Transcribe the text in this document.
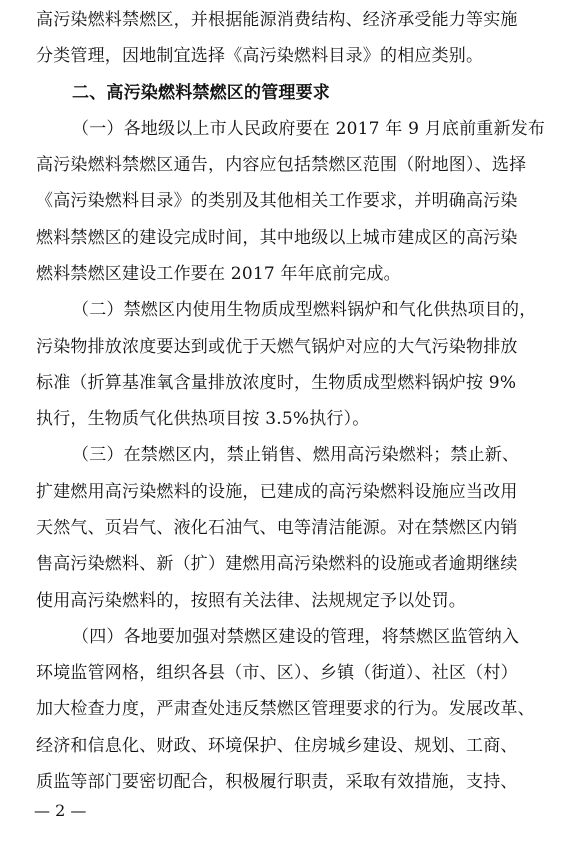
高污染燃料禁燃区，并根据能源消费结构、经济承受能力等实施
分类管理，因地制宜选择《高污染燃料目录》的相应类别。
二、高污染燃料禁燃区的管理要求
（一）各地级以上市人民政府要在 2017 年 9 月底前重新发布
高污染燃料禁燃区通告，内容应包括禁燃区范围（附地图）、选择
《高污染燃料目录》的类别及其他相关工作要求，并明确高污染
燃料禁燃区的建设完成时间，其中地级以上城市建成区的高污染
燃料禁燃区建设工作要在 2017 年年底前完成。
（二）禁燃区内使用生物质成型燃料锅炉和气化供热项目的，
污染物排放浓度要达到或优于天燃气锅炉对应的大气污染物排放
标准（折算基准氧含量排放浓度时，生物质成型燃料锅炉按 9%
执行，生物质气化供热项目按 3.5%执行）。
（三）在禁燃区内，禁止销售、燃用高污染燃料；禁止新、
扩建燃用高污染燃料的设施，已建成的高污染燃料设施应当改用
天然气、页岩气、液化石油气、电等清洁能源。对在禁燃区内销
售高污染燃料、新（扩）建燃用高污染燃料的设施或者逾期继续
使用高污染燃料的，按照有关法律、法规规定予以处罚。
（四）各地要加强对禁燃区建设的管理，将禁燃区监管纳入
环境监管网格，组织各县（市、区）、乡镇（街道）、社区（村）
加大检查力度，严肃查处违反禁燃区管理要求的行为。发展改革、
经济和信息化、财政、环境保护、住房城乡建设、规划、工商、
质监等部门要密切配合，积极履行职责，采取有效措施，支持、
— 2 —
